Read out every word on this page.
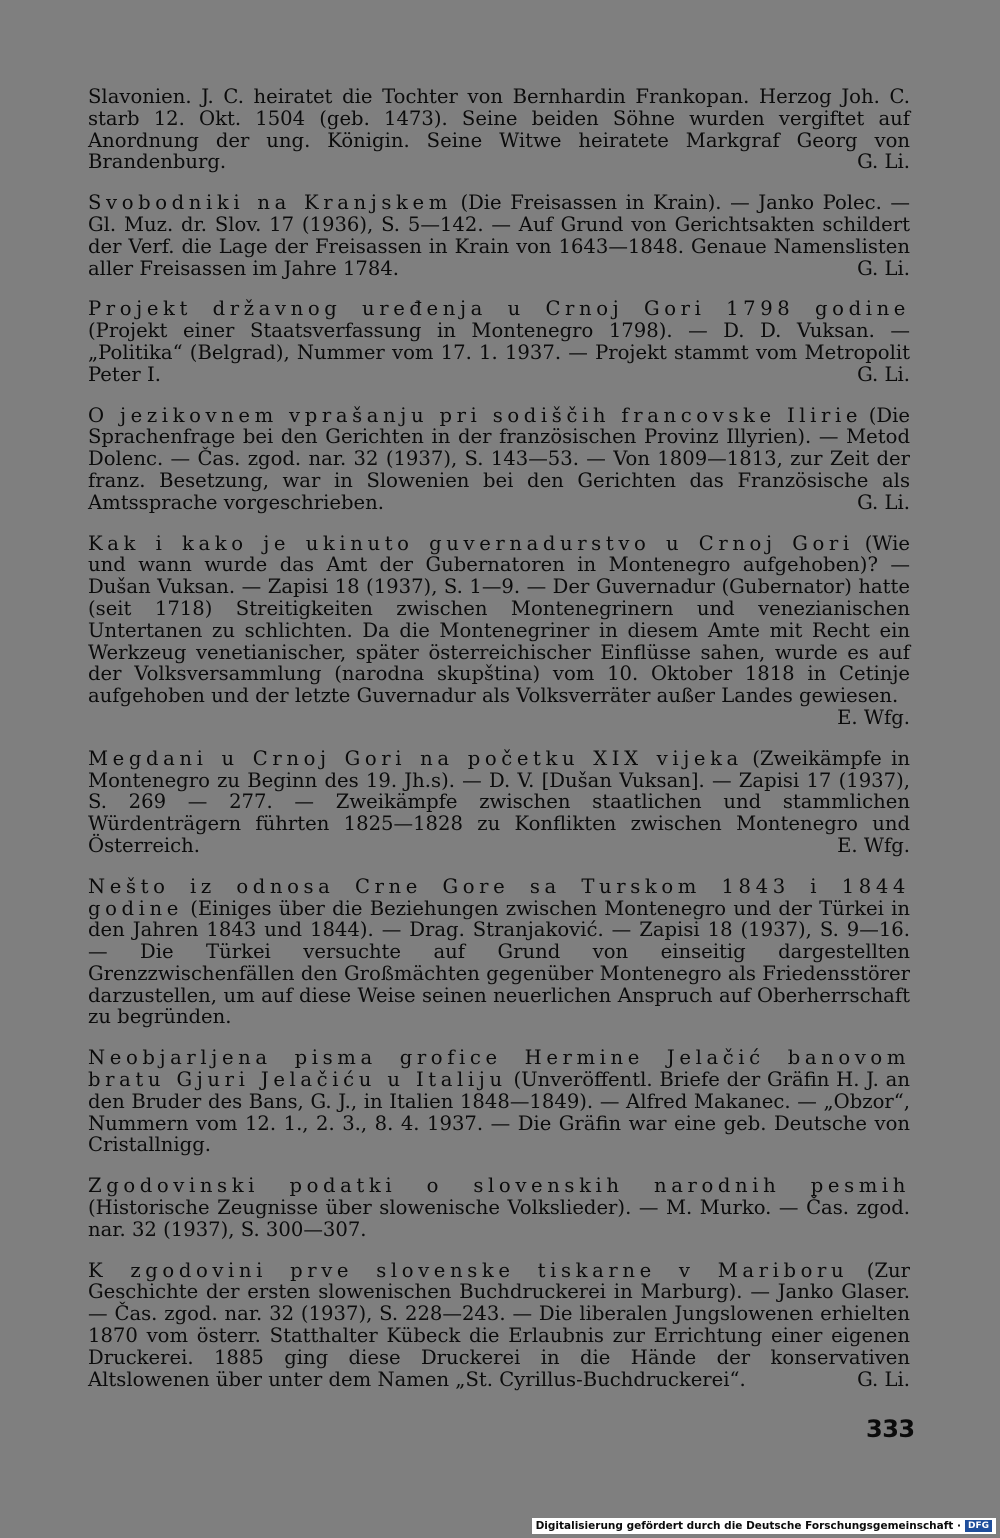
Slavonien. J. C. heiratet die Tochter von Bernhardin Frankopan. Herzog Joh. C. starb 12. Okt. 1504 (geb. 1473). Seine beiden Söhne wurden vergiftet auf Anordnung der ung. Königin. Seine Witwe heiratete Markgraf Georg von Brandenburg.	G. Li.
Svobodniki na Kranjskem (Die Freisassen in Krain). — Janko Polec. — Gl. Muz. dr. Slov. 17 (1936), S. 5—142. — Auf Grund von Gerichtsakten schildert der Verf. die Lage der Freisassen in Krain von 1643—1848. Genaue Namenslisten aller Freisassen im Jahre 1784.	G. Li.
Projekt državnog uređenja u Crnoj Gori 1798 godine (Projekt einer Staatsverfassung in Montenegro 1798). — D. D. Vuksan. — „Politika“ (Belgrad), Nummer vom 17. 1. 1937. — Projekt stammt vom Metropolit Peter I.	G. Li.
O jezikovnem vprašanju pri sodiščih francovske Ilirie (Die Sprachenfrage bei den Gerichten in der französischen Provinz Illyrien). — Metod Dolenc. — Čas. zgod. nar. 32 (1937), S. 143—53. — Von 1809—1813, zur Zeit der franz. Besetzung, war in Slowenien bei den Gerichten das Französische als Amtssprache vorgeschrieben.	G. Li.
Kak i kako je ukinuto guvernadurstvo u Crnoj Gori (Wie und wann wurde das Amt der Gubernatoren in Montenegro aufgehoben)? — Dušan Vuksan. — Zapisi 18 (1937), S. 1—9. — Der Guvernadur (Gubernator) hatte (seit 1718) Streitigkeiten zwischen Montenegrinern und venezianischen Untertanen zu schlichten. Da die Montenegriner in diesem Amte mit Recht ein Werkzeug venetianischer, später österreichischer Einflüsse sahen, wurde es auf der Volksversammlung (narodna skupština) vom 10. Oktober 1818 in Cetinje aufgehoben und der letzte Guvernadur als Volksverräter außer Landes gewiesen.
E. Wfg.
Megdani u Crnoj Gori na početku XIX vijeka (Zweikämpfe in Montenegro zu Beginn des 19. Jh.s). — D. V. [Dušan Vuksan]. — Zapisi 17 (1937), S. 269 — 277. — Zweikämpfe zwischen staatlichen und stammlichen Würdenträgern führten 1825—1828 zu Konflikten zwischen Montenegro und Österreich.	E. Wfg.
Nešto iz odnosa Crne Gore sa Turskom 1843 i 1844 godine (Einiges über die Beziehungen zwischen Montenegro und der Türkei in den Jahren 1843 und 1844). — Drag. Stranjaković. — Zapisi 18 (1937), S. 9—16. — Die Türkei versuchte auf Grund von einseitig dargestellten Grenzzwischenfällen den Großmächten gegenüber Montenegro als Friedensstörer darzustellen, um auf diese Weise seinen neuerlichen Anspruch auf Oberherrschaft zu begründen.
Neobjarljena pisma grofice Hermine Jelačić banovom bratu Gjuri Jelačiću u Italiju (Unveröffentl. Briefe der Gräfin H. J. an den Bruder des Bans, G. J., in Italien 1848—1849). — Alfred Makanec. — „Obzor“, Nummern vom 12. 1., 2. 3., 8. 4. 1937. — Die Gräfin war eine geb. Deutsche von Cristallnigg.
Zgodovinski podatki o slovenskih narodnih pesmih (Historische Zeugnisse über slowenische Volkslieder). — M. Murko. — Čas. zgod. nar. 32 (1937), S. 300—307.
K zgodovini prve slovenske tiskarne v Mariboru (Zur Geschichte der ersten slowenischen Buchdruckerei in Marburg). — Janko Glaser. — Čas. zgod. nar. 32 (1937), S. 228—243. — Die liberalen Jungslowenen erhielten 1870 vom österr. Statthalter Kübeck die Erlaubnis zur Errichtung einer eigenen Druckerei. 1885 ging diese Druckerei in die Hände der konservativen Altslowenen über unter dem Namen „St. Cyrillus-Buchdruckerei“.	G. Li.
333
Digitalisierung gefördert durch die Deutsche Forschungsgemeinschaft · DFG
